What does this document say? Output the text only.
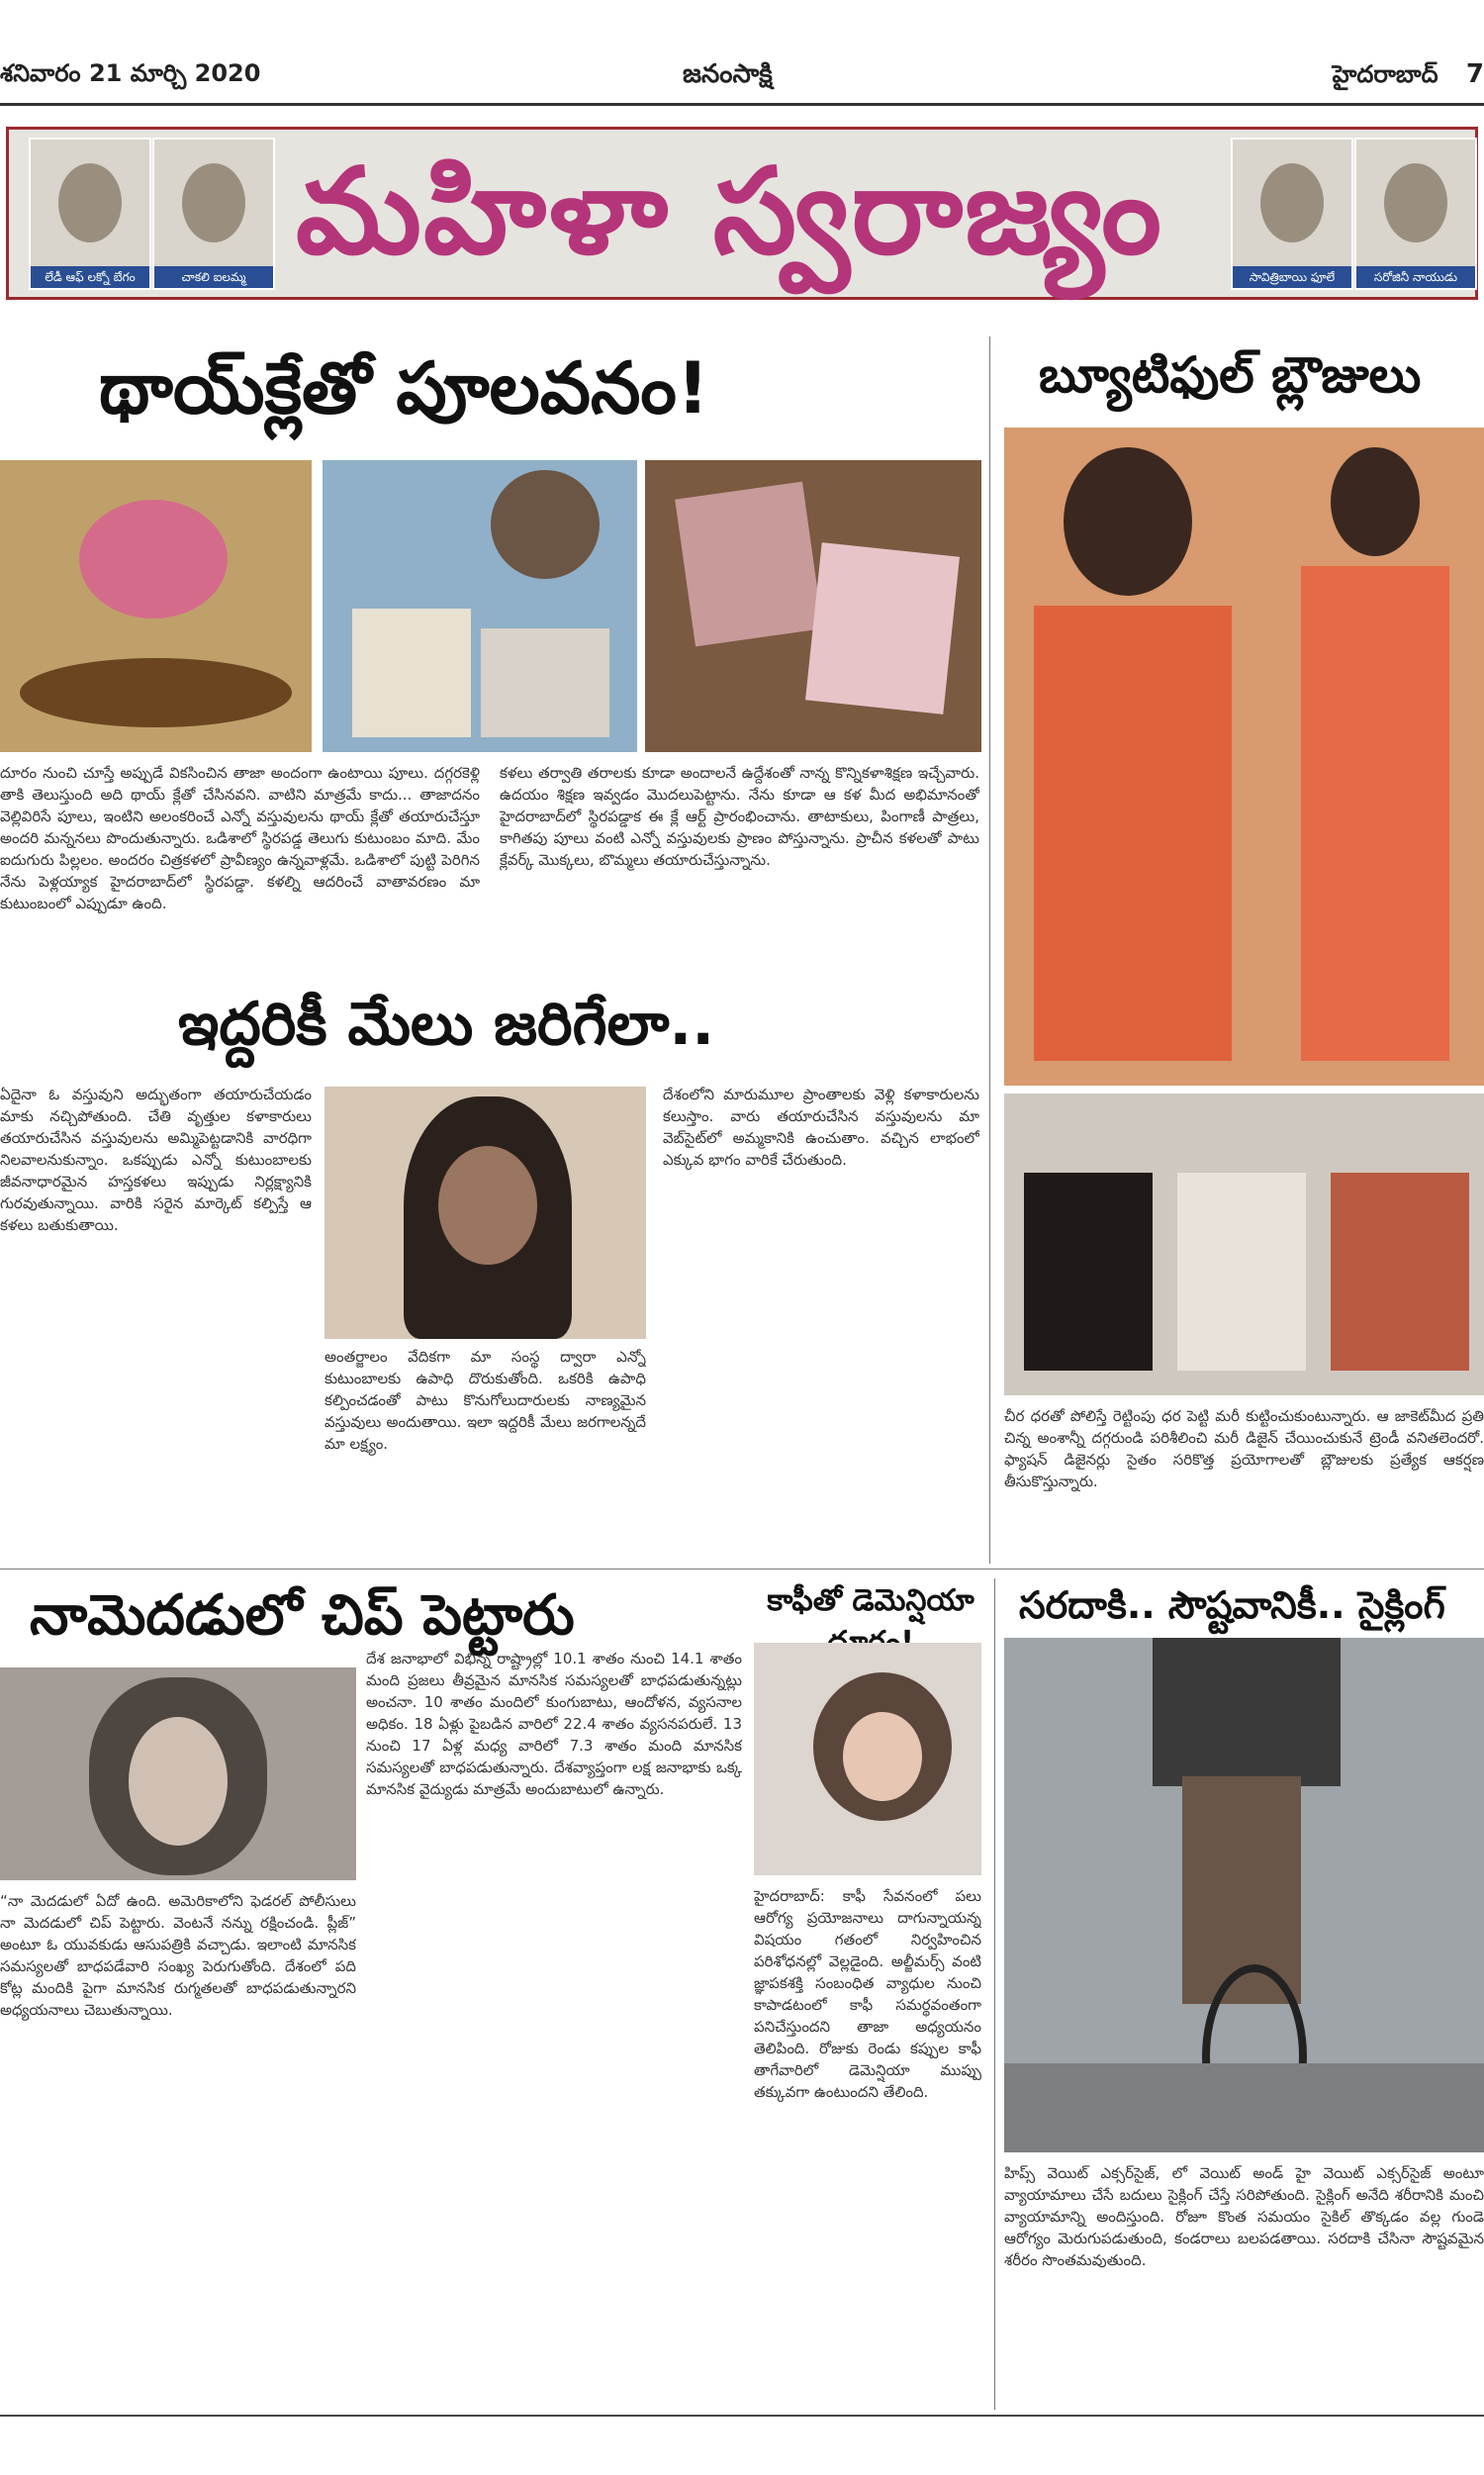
శనివారం 21 మార్చి 2020	జనంసాక్షి	హైదరాబాద్ 7
లేడీ ఆఫ్ లక్నో బేగం	చాకలి ఐలమ్మ మహిళా స్వరాజ్యం	సావిత్రిబాయి ఫూలే	సరోజినీ నాయుడు
థాయ్‌క్లేతో పూలవనం!
దూరం నుంచి చూస్తే అప్పుడే వికసించిన తాజా అందంగా ఉంటాయి పూలు. దగ్గరకెళ్లి తాకి తెలుస్తుంది అది థాయ్ క్లేతో చేసినవని. వాటిని మాత్రమే కాదు... తాజాదనం వెల్లివిరిసే పూలు, ఇంటిని అలంకరించే ఎన్నో వస్తువులను థాయ్ క్లేతో తయారుచేస్తూ అందరి మన్ననలు పొందుతున్నారు. ఒడిశాలో స్థిరపడ్డ తెలుగు కుటుంబం మాది. మేం ఐదుగురు పిల్లలం. అందరం చిత్రకళలో ప్రావీణ్యం ఉన్నవాళ్లమే. ఒడిశాలో పుట్టి పెరిగిన నేను పెళ్లయ్యాక హైదరాబాద్‌లో స్థిరపడ్డా. కళల్ని ఆదరించే వాతావరణం మా కుటుంబంలో ఎప్పుడూ ఉంది.
కళలు తర్వాతి తరాలకు కూడా అందాలనే ఉద్దేశంతో నాన్న కొన్నికళాశిక్షణ ఇచ్చేవారు. ఉదయం శిక్షణ ఇవ్వడం మొదలుపెట్టాను. నేను కూడా ఆ కళ మీద అభిమానంతో హైదరాబాద్‌లో స్థిరపడ్డాక ఈ క్లే ఆర్ట్‌ ప్రారంభించాను. తాటాకులు, పింగాణీ పాత్రలు, కాగితపు పూలు వంటి ఎన్నో వస్తువులకు ప్రాణం పోస్తున్నాను. ప్రాచీన కళలతో పాటు క్లేవర్క్‌ మొక్కలు, బొమ్మలు తయారుచేస్తున్నాను.
ఇద్దరికీ మేలు జరిగేలా..
ఏదైనా ఓ వస్తువుని అద్భుతంగా తయారుచేయడం మాకు నచ్చిపోతుంది. చేతి వృత్తుల కళాకారులు తయారుచేసిన వస్తువులను అమ్మిపెట్టడానికి వారధిగా నిలవాలనుకున్నాం. ఒకప్పుడు ఎన్నో కుటుంబాలకు జీవనాధారమైన హస్తకళలు ఇప్పుడు నిర్లక్ష్యానికి గురవుతున్నాయి. వారికి సరైన మార్కెట్ కల్పిస్తే ఆ కళలు బతుకుతాయి.
అంతర్జాలం వేదికగా మా సంస్థ ద్వారా ఎన్నో కుటుంబాలకు ఉపాధి దొరుకుతోంది. ఒకరికి ఉపాధి కల్పించడంతో పాటు కొనుగోలుదారులకు నాణ్యమైన వస్తువులు అందుతాయి. ఇలా ఇద్దరికీ మేలు జరగాలన్నదే మా లక్ష్యం.
దేశంలోని మారుమూల ప్రాంతాలకు వెళ్లి కళాకారులను కలుస్తాం. వారు తయారుచేసిన వస్తువులను మా వెబ్‌సైట్‌లో అమ్మకానికి ఉంచుతాం. వచ్చిన లాభంలో ఎక్కువ భాగం వారికే చేరుతుంది.
బ్యూటిఫుల్ బ్లౌజులు
చీర ధరతో పోలిస్తే రెట్టింపు ధర పెట్టి మరీ కుట్టించుకుంటున్నారు. ఆ జాకెట్‌మీద ప్రతి చిన్న అంశాన్నీ దగ్గరుండి పరిశీలించి మరీ డిజైన్‌ చేయించుకునే ట్రెండీ వనితలెందరో. ఫ్యాషన్‌ డిజైనర్లు సైతం సరికొత్త ప్రయోగాలతో బ్లౌజులకు ప్రత్యేక ఆకర్షణ తీసుకొస్తున్నారు.
నామెదడులో చిప్ పెట్టారు
“నా మెదడులో ఏదో ఉంది. అమెరికాలోని ఫెడరల్ పోలీసులు నా మెదడులో చిప్ పెట్టారు. వెంటనే నన్ను రక్షించండి. ప్లీజ్” అంటూ ఓ యువకుడు ఆసుపత్రికి వచ్చాడు. ఇలాంటి మానసిక సమస్యలతో బాధపడేవారి సంఖ్య పెరుగుతోంది. దేశంలో పది కోట్ల మందికి పైగా మానసిక రుగ్మతలతో బాధపడుతున్నారని అధ్యయనాలు చెబుతున్నాయి.
దేశ జనాభాలో విభిన్న రాష్ట్రాల్లో 10.1 శాతం నుంచి 14.1 శాతం మంది ప్రజలు తీవ్రమైన మానసిక సమస్యలతో బాధపడుతున్నట్లు అంచనా. 10 శాతం మందిలో కుంగుబాటు, ఆందోళన, వ్యసనాల అధికం. 18 ఏళ్లు పైబడిన వారిలో 22.4 శాతం వ్యసనపరులే. 13 నుంచి 17 ఏళ్ల మధ్య వారిలో 7.3 శాతం మంది మానసిక సమస్యలతో బాధపడుతున్నారు. దేశవ్యాప్తంగా లక్ష జనాభాకు ఒక్క మానసిక వైద్యుడు మాత్రమే అందుబాటులో ఉన్నారు.
కాఫీతో డెమెన్షియా
హైదరాబాద్‌: కాఫీ సేవనంలో పలు ఆరోగ్య ప్రయోజనాలు దాగున్నాయన్న విషయం గతంలో నిర్వహించిన పరిశోధనల్లో వెల్లడైంది. అల్జీమర్స్ వంటి జ్ఞాపకశక్తి సంబంధిత వ్యాధుల నుంచి కాపాడటంలో కాఫీ సమర్థవంతంగా పనిచేస్తుందని తాజా అధ్యయనం తెలిపింది. రోజుకు రెండు కప్పుల కాఫీ తాగేవారిలో డెమెన్షియా ముప్పు తక్కువగా ఉంటుందని తేలింది.
సరదాకి.. సౌష్టవానికీ.. సైక్లింగ్
హిప్స్ వెయిట్ ఎక్సర్‌సైజ్, లో వెయిట్ అండ్ హై వెయిట్ ఎక్సర్‌సైజ్ అంటూ వ్యాయామాలు చేసే బదులు సైక్లింగ్ చేస్తే సరిపోతుంది. సైక్లింగ్ అనేది శరీరానికి మంచి వ్యాయామాన్ని అందిస్తుంది. రోజూ కొంత సమయం సైకిల్ తొక్కడం వల్ల గుండె ఆరోగ్యం మెరుగుపడుతుంది, కండరాలు బలపడతాయి. సరదాకి చేసినా సౌష్టవమైన శరీరం సొంతమవుతుంది.
